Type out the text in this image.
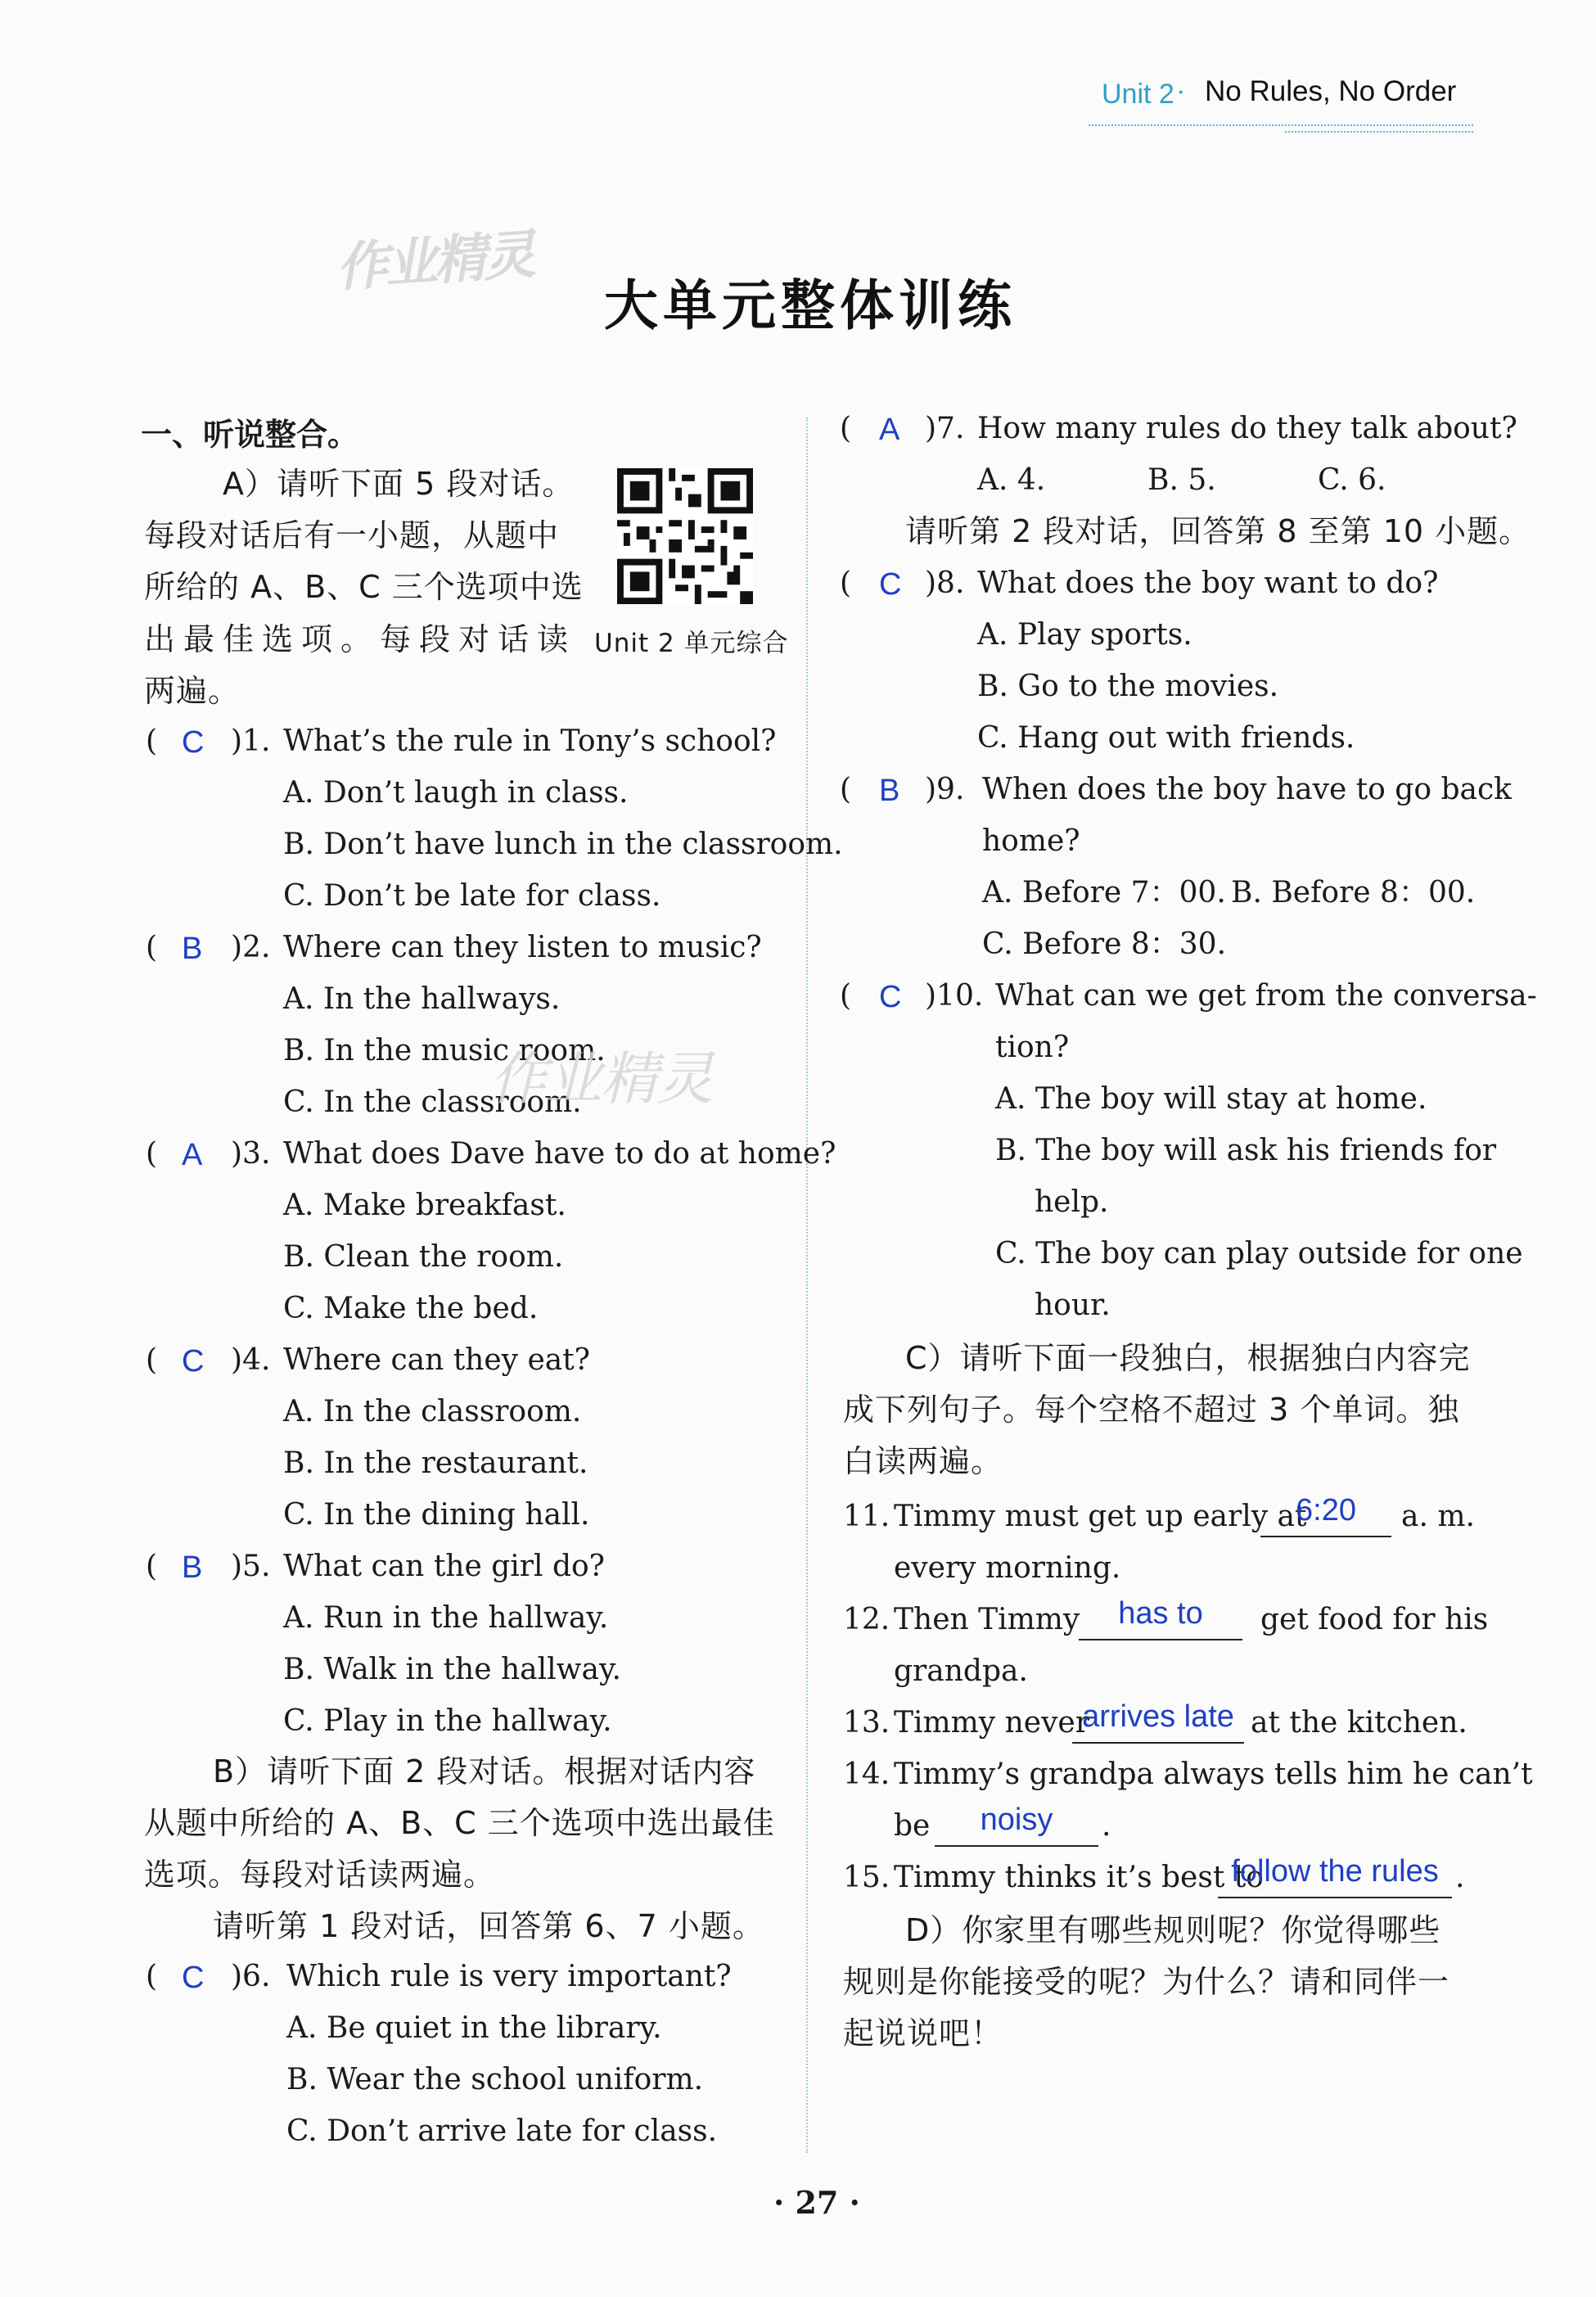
Unit 2 · No Rules, No Order
作业精灵
大单元整体训练
一、听说整合。
A）请听下面 5 段对话。
每段对话后有一小题，从题中
所给的 A、B、C 三个选项中选
出最佳选项。每段对话读
两遍。
Unit 2 单元综合
( C )1. What’s the rule in Tony’s school?
A. Don’t laugh in class.
B. Don’t have lunch in the classroom.
C. Don’t be late for class.
( B )2. Where can they listen to music?
A. In the hallways.
B. In the music room.
C. In the classroom.
作业精灵
( A )3. What does Dave have to do at home?
A. Make breakfast.
B. Clean the room.
C. Make the bed.
( C )4. Where can they eat?
A. In the classroom.
B. In the restaurant.
C. In the dining hall.
( B )5. What can the girl do?
A. Run in the hallway.
B. Walk in the hallway.
C. Play in the hallway.
B）请听下面 2 段对话。根据对话内容
从题中所给的 A、B、C 三个选项中选出最佳
选项。每段对话读两遍。
请听第 1 段对话，回答第 6、7 小题。
( C )6. Which rule is very important?
A. Be quiet in the library.
B. Wear the school uniform.
C. Don’t arrive late for class.
( A )7. How many rules do they talk about?
A. 4.	B. 5.	C. 6.
请听第 2 段对话，回答第 8 至第 10 小题。
( C )8. What does the boy want to do?
A. Play sports.
B. Go to the movies.
C. Hang out with friends.
( B )9. When does the boy have to go back
home?
A. Before 7：00. B. Before 8：00.
C. Before 8：30.
( C )10. What can we get from the conversa-
tion?
A. The boy will stay at home.
B. The boy will ask his friends for
help.
C. The boy can play outside for one
hour.
C）请听下面一段独白，根据独白内容完
成下列句子。每个空格不超过 3 个单词。独
白读两遍。
11. Timmy must get up early at
6:20	a. m.
every morning.
12. Then Timmy	has to	get food for his
grandpa.
13. Timmy never
arrives late at the kitchen.
14. Timmy’s grandpa always tells him he can’t
be	noisy	.
15. Timmy thinks it’s best to
follow the rules .
D）你家里有哪些规则呢？你觉得哪些
规则是你能接受的呢？为什么？请和同伴一
起说说吧！
· 27 ·
